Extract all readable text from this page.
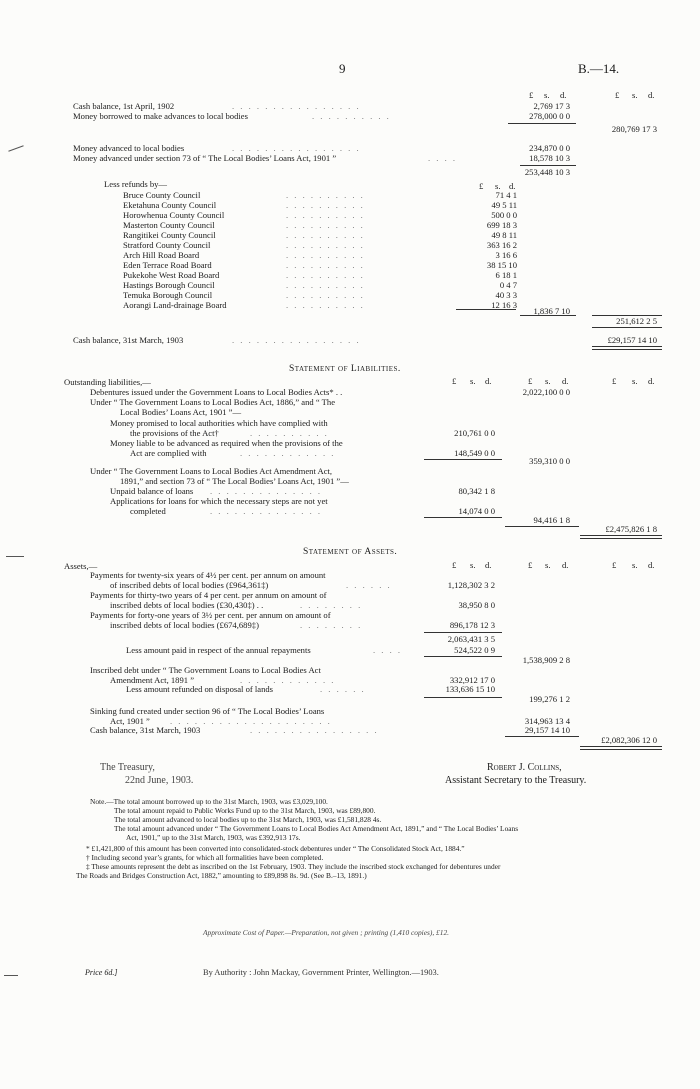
9	B.—14.
£ s. d.	£ s. d.
Cash balance, 1st April, 1902	. . . . . . . . . . . . . . . .	2,769 17 3
Money borrowed to make advances to local bodies	. . . . . . . . . .	278,000 0 0
280,769 17 3
Money advanced to local bodies	. . . . . . . . . . . . . . . .	234,870 0 0
Money advanced under section 73 of “ The Local Bodies’ Loans Act, 1901 ”	. . . .	18,578 10 3
253,448 10 3
Less refunds by—	£ s. d.
1,836 7 10
251,612 2 5
Cash balance, 31st March, 1903	. . . . . . . . . . . . . . . .	£29,157 14 10
Statement of Liabilities.
£ s. d.	£ s. d.	£ s. d.
Outstanding liabilities,—
Debentures issued under the Government Loans to Local Bodies Acts* . .	2,022,100 0 0
Under “ The Government Loans to Local Bodies Act, 1886,” and “ The
Local Bodies’ Loans Act, 1901 ”—
Money promised to local authorities which have complied with
the provisions of the Act†	. . . . . . . . . .	210,761 0 0
Money liable to be advanced as required when the provisions of the
Act are complied with	. . . . . . . . . . . .	148,549 0 0
359,310 0 0
Under “ The Government Loans to Local Bodies Act Amendment Act,
1891,” and section 73 of “ The Local Bodies’ Loans Act, 1901 ”—
Unpaid balance of loans . . . . . . . . . . . . . .	80,342 1 8
Applications for loans for which the necessary steps are not yet
completed	. . . . . . . . . . . . . .	14,074 0 0
94,416 1 8
£2,475,826 1 8
Statement of Assets.
£ s. d.	£ s. d.	£ s. d.
Assets,—
Payments for twenty-six years of 4½ per cent. per annum on amount
of inscribed debts of local bodies (£964,361‡)	. . . . . .	1,128,302 3 2
Payments for thirty-two years of 4 per cent. per annum on amount of
inscribed debts of local bodies (£30,430‡) . .	. . . . . . . .	38,950 8 0
Payments for forty-one years of 3½ per cent. per annum on amount of
inscribed debts of local bodies (£674,689‡)	. . . . . . . .	896,178 12 3
2,063,431 3 5
Less amount paid in respect of the annual repayments	. . . .	524,522 0 9
1,538,909 2 8
Inscribed debt under “ The Government Loans to Local Bodies Act
Amendment Act, 1891 ”	. . . . . . . . . . . .	332,912 17 0
Less amount refunded on disposal of lands	. . . . . .	133,636 15 10
199,276 1 2
Sinking fund created under section 96 of “ The Local Bodies’ Loans
Act, 1901 ” . . . . . . . . . . . . . . . . . . . .	314,963 13 4
Cash balance, 31st March, 1903	. . . . . . . . . . . . . . . .	29,157 14 10
£2,082,306 12 0
The Treasury,
22nd June, 1903.
Robert J. Collins,
Assistant Secretary to the Treasury.
Note.—The total amount borrowed up to the 31st March, 1903, was £3,029,100.
The total amount repaid to Public Works Fund up to the 31st March, 1903, was £89,800.
The total amount advanced to local bodies up to the 31st March, 1903, was £1,581,828 4s.
The total amount advanced under “ The Government Loans to Local Bodies Act Amendment Act, 1891,” and “ The Local Bodies’ Loans
Act, 1901,” up to the 31st March, 1903, was £392,913 17s.
* £1,421,800 of this amount has been converted into consolidated-stock debentures under “ The Consolidated Stock Act, 1884.”
† Including second year’s grants, for which all formalities have been completed.
‡ These amounts represent the debt as inscribed on the 1st February, 1903. They include the inscribed stock exchanged for debentures under
The Roads and Bridges Construction Act, 1882,” amounting to £89,898 8s. 9d. (See B.–13, 1891.)
Approximate Cost of Paper.—Preparation, not given ; printing (1,410 copies), £12.
Price 6d.]	By Authority : John Mackay, Government Printer, Wellington.—1903.
Bruce County Council	. . . . . . . . . .	71 4 1
Eketahuna County Council	. . . . . . . . . .	49 5 11
Horowhenua County Council	. . . . . . . . . .	500 0 0
Masterton County Council	. . . . . . . . . .	699 18 3
Rangitikei County Council	. . . . . . . . . .	49 8 11
Stratford County Council	. . . . . . . . . .	363 16 2
Arch Hill Road Board	. . . . . . . . . .	3 16 6
Eden Terrace Road Board	. . . . . . . . . .	38 15 10
Pukekohe West Road Board	. . . . . . . . . .	6 18 1
Hastings Borough Council	. . . . . . . . . .	0 4 7
Temuka Borough Council	. . . . . . . . . .	40 3 3
Aorangi Land-drainage Board	. . . . . . . . . .	12 16 3
